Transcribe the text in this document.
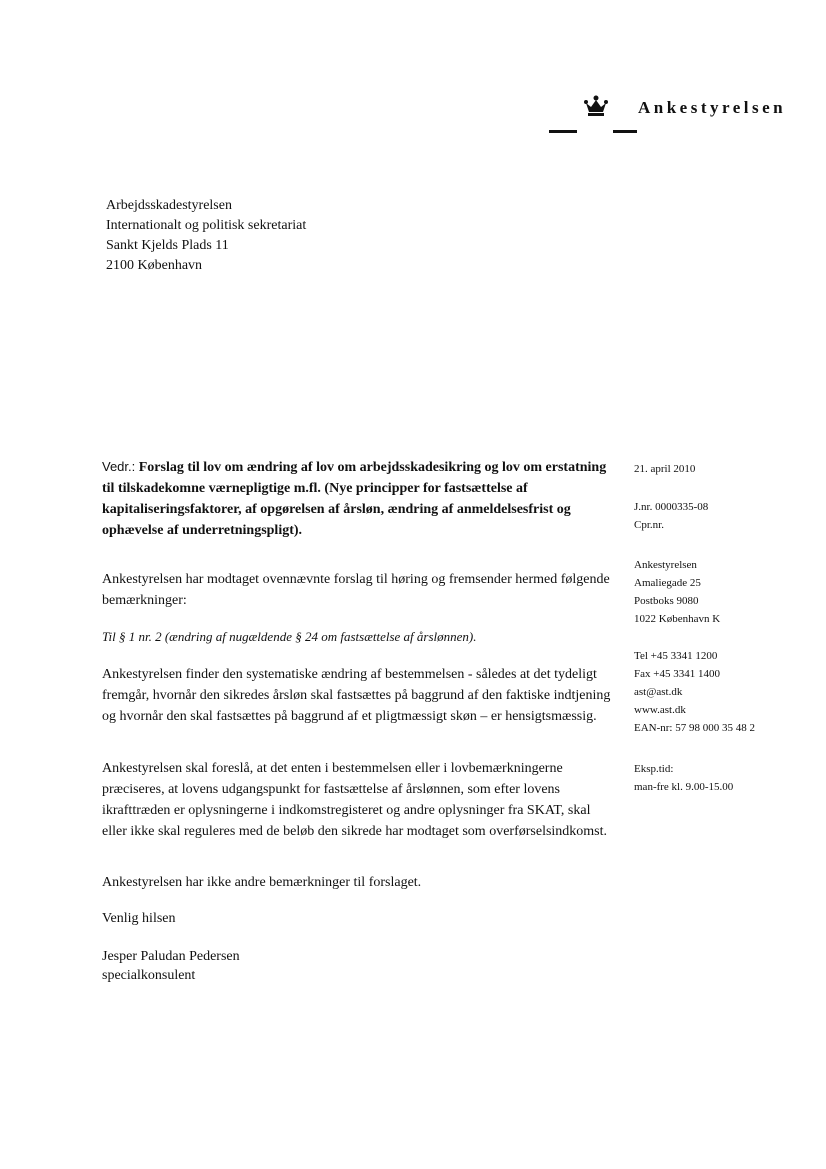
Ankestyrelsen
Arbejdsskadestyrelsen
Internationalt og politisk sekretariat
Sankt Kjelds Plads 11
2100 København
Vedr.: Forslag til lov om ændring af lov om arbejdsskadesikring og lov om erstatning til tilskadekomne værnepligtige m.fl. (Nye principper for fastsættelse af kapitaliseringsfaktorer, af opgørelsen af årsløn, ændring af anmeldelsesfrist og ophævelse af underretningspligt).
Ankestyrelsen har modtaget ovennævnte forslag til høring og fremsender hermed følgende bemærkninger:
Til § 1 nr. 2 (ændring af nugældende § 24 om fastsættelse af årslønnen).
Ankestyrelsen finder den systematiske ændring af bestemmelsen - således at det tydeligt fremgår, hvornår den sikredes årsløn skal fastsættes på baggrund af den faktiske indtjening og hvornår den skal fastsættes på baggrund af et pligtmæssigt skøn – er hensigtsmæssig.
Ankestyrelsen skal foreslå, at det enten i bestemmelsen eller i lovbemærkningerne præciseres, at lovens udgangspunkt for fastsættelse af årslønnen, som efter lovens ikrafttræden er oplysningerne i indkomstregisteret og andre oplysninger fra SKAT, skal eller ikke skal reguleres med de beløb den sikrede har modtaget som overførselsindkomst.
Ankestyrelsen har ikke andre bemærkninger til forslaget.
Venlig hilsen
Jesper Paludan Pedersen
specialkonsulent
21. april 2010
J.nr. 0000335-08
Cpr.nr.
Ankestyrelsen
Amaliegade 25
Postboks 9080
1022 København K
Tel +45 3341 1200
Fax +45 3341 1400
ast@ast.dk
www.ast.dk
EAN-nr: 57 98 000 35 48 2
Eksp.tid:
man-fre kl. 9.00-15.00
